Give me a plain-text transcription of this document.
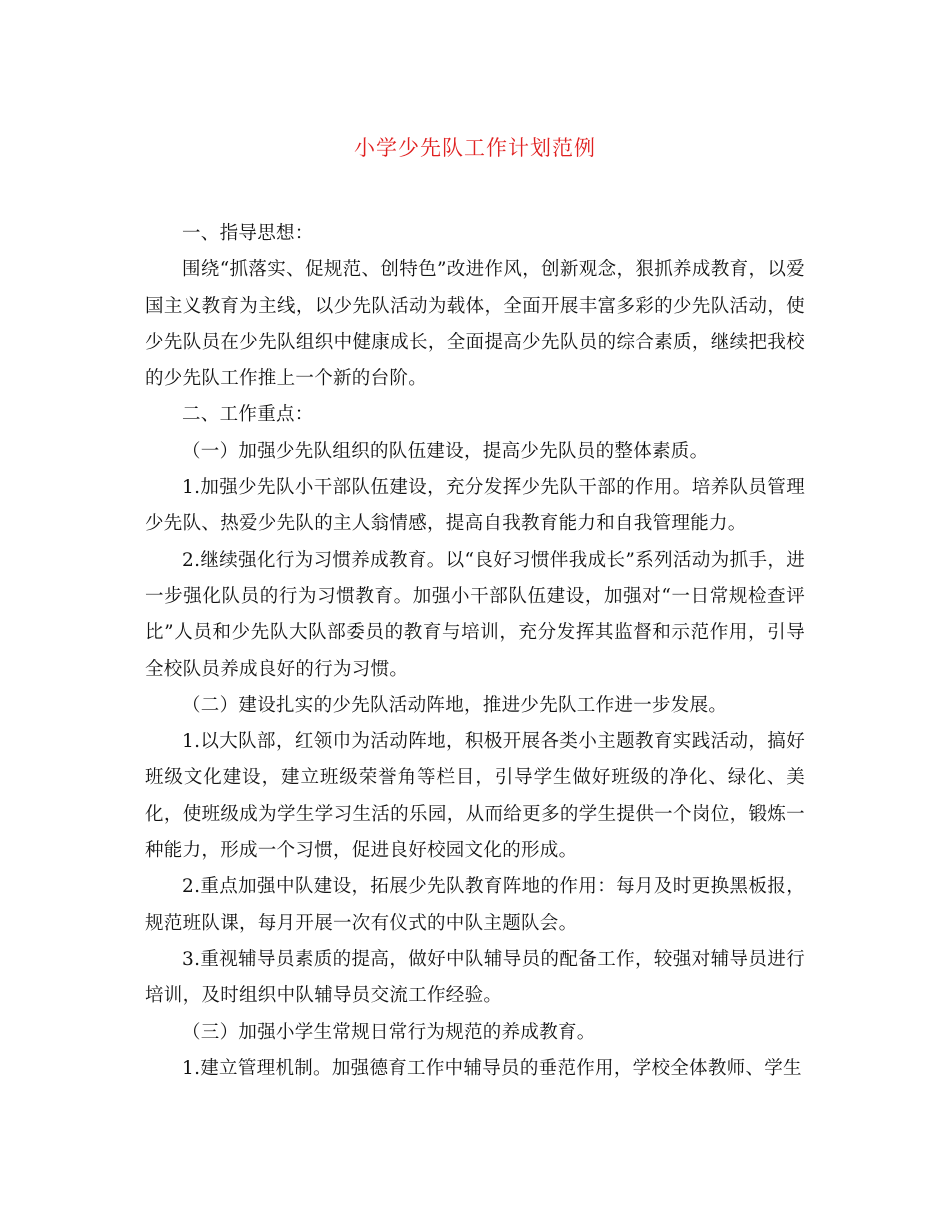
小学少先队工作计划范例

一、指导思想：

围绕“抓落实、促规范、创特色”改进作风，创新观念，狠抓养成教育，以爱国主义教育为主线，以少先队活动为载体，全面开展丰富多彩的少先队活动，使少先队员在少先队组织中健康成长，全面提高少先队员的综合素质，继续把我校的少先队工作推上一个新的台阶。

二、工作重点：

（一）加强少先队组织的队伍建设，提高少先队员的整体素质。

1.加强少先队小干部队伍建设，充分发挥少先队干部的作用。培养队员管理少先队、热爱少先队的主人翁情感，提高自我教育能力和自我管理能力。

2.继续强化行为习惯养成教育。以“良好习惯伴我成长”系列活动为抓手，进一步强化队员的行为习惯教育。加强小干部队伍建设，加强对“一日常规检查评比”人员和少先队大队部委员的教育与培训，充分发挥其监督和示范作用，引导全校队员养成良好的行为习惯。

（二）建设扎实的少先队活动阵地，推进少先队工作进一步发展。

1.以大队部，红领巾为活动阵地，积极开展各类小主题教育实践活动，搞好班级文化建设，建立班级荣誉角等栏目，引导学生做好班级的净化、绿化、美化，使班级成为学生学习生活的乐园，从而给更多的学生提供一个岗位，锻炼一种能力，形成一个习惯，促进良好校园文化的形成。

2.重点加强中队建设，拓展少先队教育阵地的作用：每月及时更换黑板报，规范班队课，每月开展一次有仪式的中队主题队会。

3.重视辅导员素质的提高，做好中队辅导员的配备工作，较强对辅导员进行培训，及时组织中队辅导员交流工作经验。

（三）加强小学生常规日常行为规范的养成教育。

1.建立管理机制。加强德育工作中辅导员的垂范作用，学校全体教师、学生
